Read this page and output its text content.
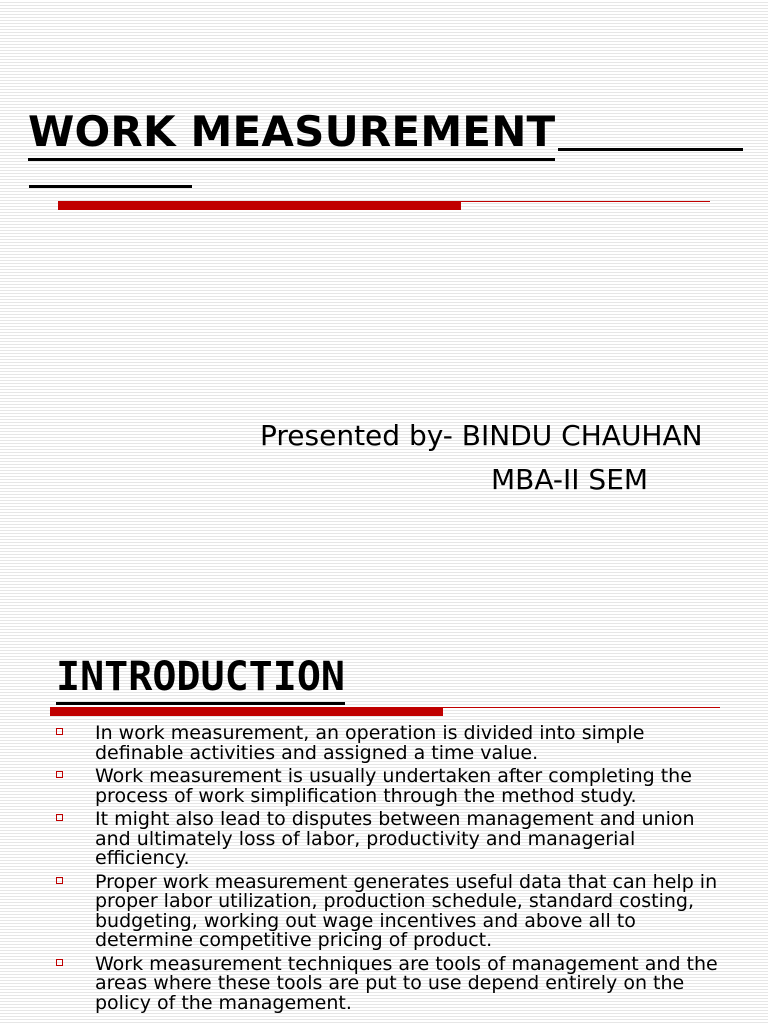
WORK MEASUREMENT
Presented by- BINDU CHAUHAN
MBA-II SEM
INTRODUCTION
In work measurement, an operation is divided into simple definable activities and assigned a time value.
Work measurement is usually undertaken after completing the process of work simplification through the method study.
It might also lead to disputes between management and union and ultimately loss of labor, productivity and managerial efficiency.
Proper work measurement generates useful data that can help in proper labor utilization, production schedule, standard costing, budgeting, working out wage incentives and above all to determine competitive pricing of product.
Work measurement techniques are tools of management and the areas where these tools are put to use depend entirely on the policy of the management.
